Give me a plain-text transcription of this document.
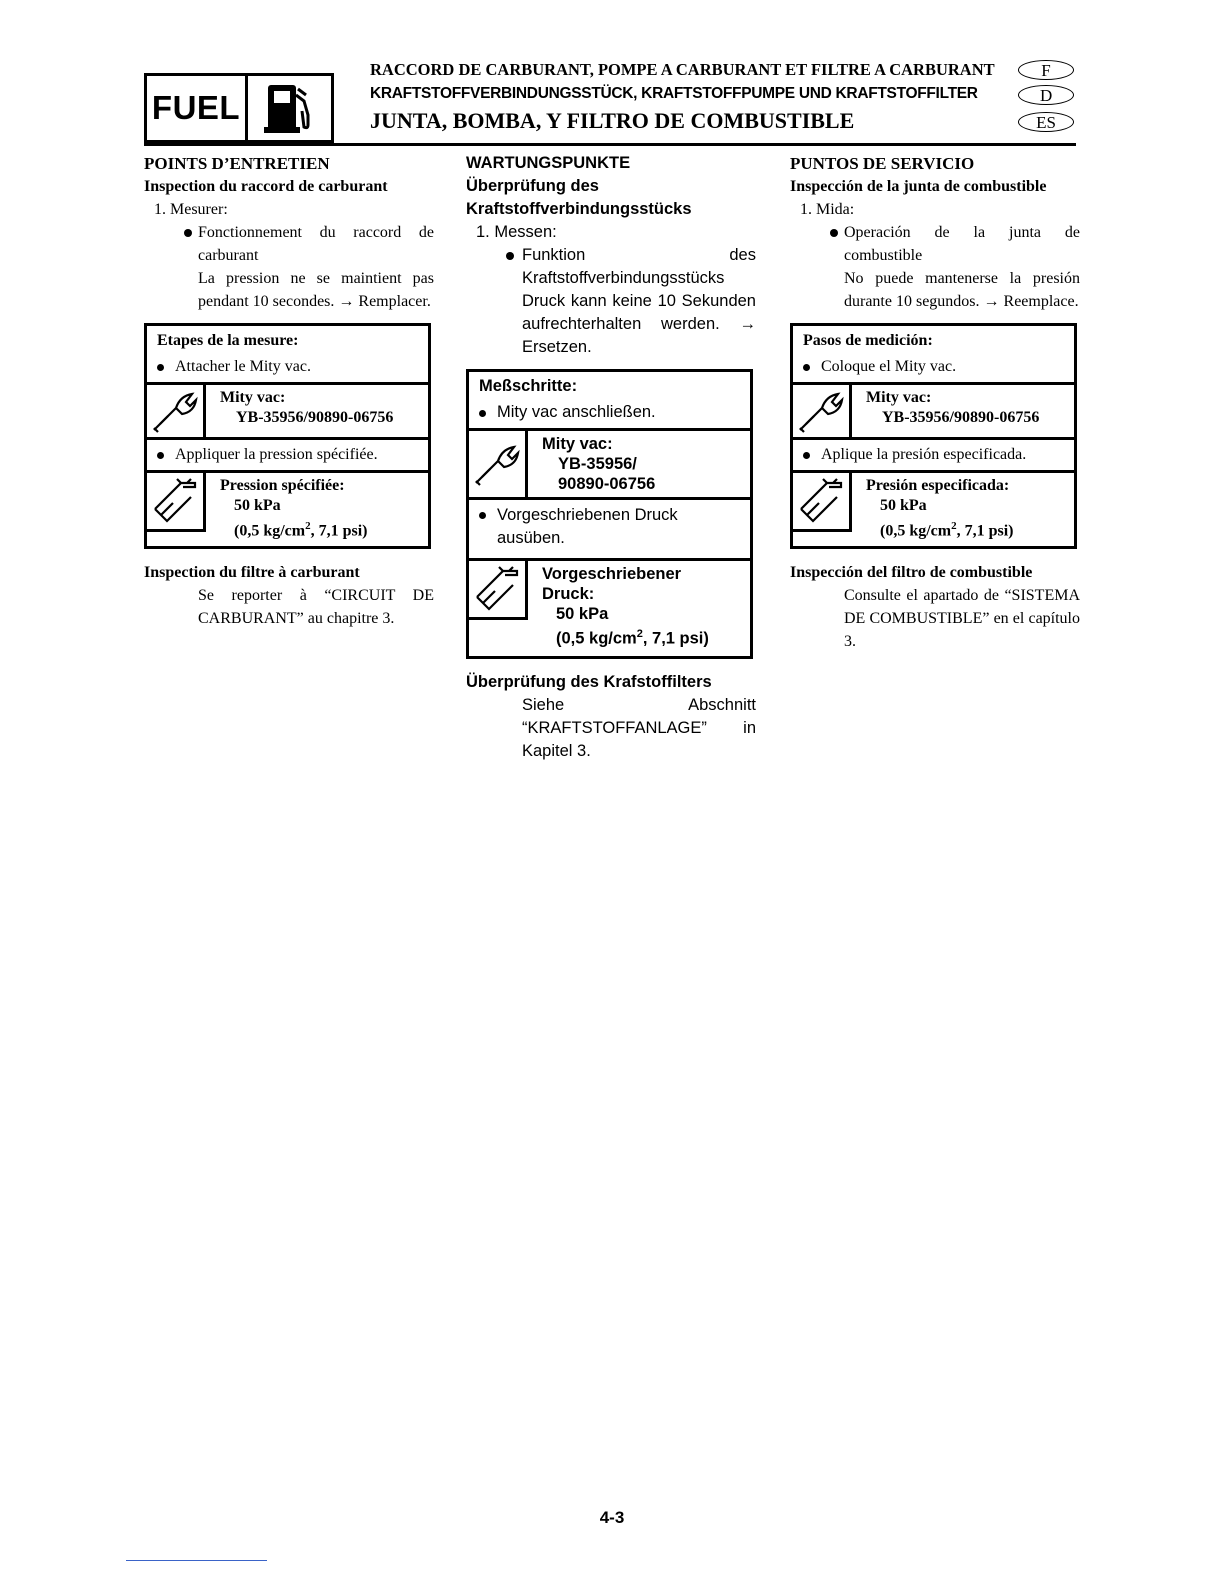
FUEL
RACCORD DE CARBURANT, POMPE A CARBURANT ET FILTRE A CARBURANT	F
KRAFTSTOFFVERBINDUNGSSTÜCK, KRAFTSTOFFPUMPE UND KRAFTSTOFFILTER	D
JUNTA, BOMBA, Y FILTRO DE COMBUSTIBLE	ES
POINTS D’ENTRETIEN
Inspection du raccord de carburant
1. Mesurer:
Fonctionnement du raccord de carburant
La pression ne se maintient pas pendant 10 secondes. → Remplacer.
Etapes de la mesure:
Attacher le Mity vac.
Mity vac:
YB-35956/90890-06756
Appliquer la pression spécifiée.
Pression spécifiée:
50 kPa
(0,5 $kg/cm^2$, 7,1 psi)
Inspection du filtre à carburant
Se reporter à “CIRCUIT DE CARBURANT” au chapitre 3.
WARTUNGSPUNKTE
Überprüfung des Kraftstoffverbindungsstücks
1. Messen:
Funktion des Kraftstoffverbindungsstücks
Druck kann keine 10 Sekunden aufrechterhalten werden. → Ersetzen.
Meßschritte:
Mity vac anschließen.
Mity vac:
YB-35956/
90890-06756
Vorgeschriebenen Druck ausüben.
Vorgeschriebener
Druck:
50 kPa
(0,5 $kg/cm^2$, 7,1 psi)
Überprüfung des Krafstoffilters
Siehe Abschnitt “KRAFTSTOFFANLAGE” in Kapitel 3.
PUNTOS DE SERVICIO
Inspección de la junta de combustible
1. Mida:
Operación de la junta de combustible
No puede mantenerse la presión durante 10 segundos. → Reemplace.
Pasos de medición:
Coloque el Mity vac.
Mity vac:
YB-35956/90890-06756
Aplique la presión especificada.
Presión especificada:
50 kPa
(0,5 $kg/cm^2$, 7,1 psi)
Inspección del filtro de combustible
Consulte el apartado de “SISTEMA DE COMBUSTIBLE” en el capítulo 3.
4-3
